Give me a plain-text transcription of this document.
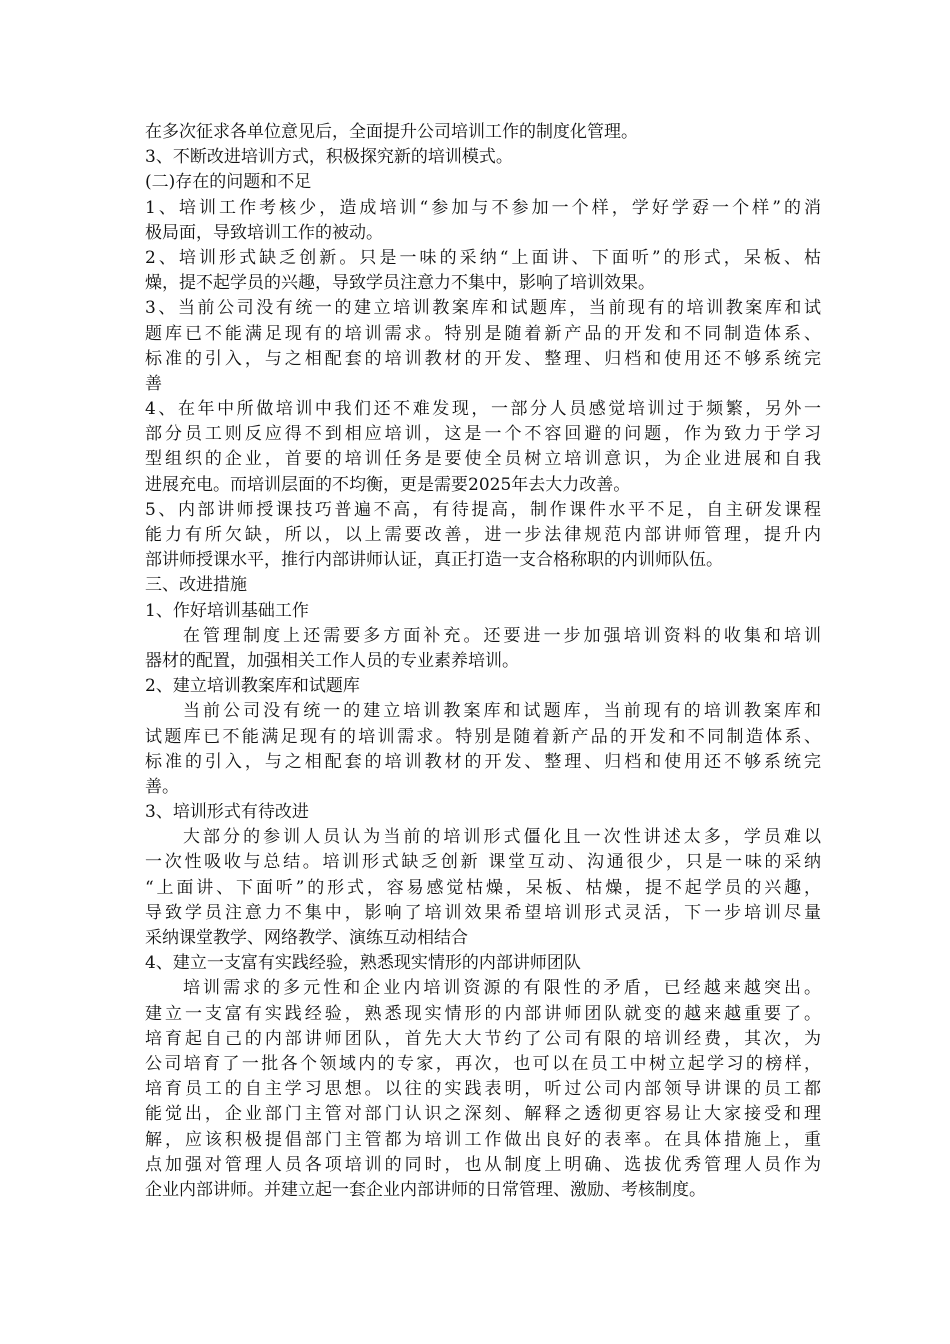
在多次征求各单位意见后，全面提升公司培训工作的制度化管理。
3、不断改进培训方式，积极探究新的培训模式。
(二)存在的问题和不足
1、培训工作考核少，造成培训“参加与不参加一个样，学好学孬一个样”的消
极局面，导致培训工作的被动。
2、培训形式缺乏创新。只是一味的采纳“上面讲、下面听”的形式，呆板、枯
燥，提不起学员的兴趣，导致学员注意力不集中，影响了培训效果。
3、当前公司没有统一的建立培训教案库和试题库，当前现有的培训教案库和试
题库已不能满足现有的培训需求。特别是随着新产品的开发和不同制造体系、
标准的引入，与之相配套的培训教材的开发、整理、归档和使用还不够系统完
善
4、在年中所做培训中我们还不难发现，一部分人员感觉培训过于频繁，另外一
部分员工则反应得不到相应培训，这是一个不容回避的问题，作为致力于学习
型组织的企业，首要的培训任务是要使全员树立培训意识，为企业进展和自我
进展充电。而培训层面的不均衡，更是需要2025年去大力改善。
5、内部讲师授课技巧普遍不高，有待提高，制作课件水平不足，自主研发课程
能力有所欠缺，所以，以上需要改善，进一步法律规范内部讲师管理，提升内
部讲师授课水平，推行内部讲师认证，真正打造一支合格称职的内训师队伍。
三、改进措施
1、作好培训基础工作
在管理制度上还需要多方面补充。还要进一步加强培训资料的收集和培训
器材的配置，加强相关工作人员的专业素养培训。
2、建立培训教案库和试题库
当前公司没有统一的建立培训教案库和试题库，当前现有的培训教案库和
试题库已不能满足现有的培训需求。特别是随着新产品的开发和不同制造体系、
标准的引入，与之相配套的培训教材的开发、整理、归档和使用还不够系统完
善。
3、培训形式有待改进
大部分的参训人员认为当前的培训形式僵化且一次性讲述太多，学员难以
一次性吸收与总结。培训形式缺乏创新 课堂互动、沟通很少，只是一味的采纳
“上面讲、下面听”的形式，容易感觉枯燥，呆板、枯燥，提不起学员的兴趣，
导致学员注意力不集中，影响了培训效果希望培训形式灵活，下一步培训尽量
采纳课堂教学、网络教学、演练互动相结合
4、建立一支富有实践经验，熟悉现实情形的内部讲师团队
培训需求的多元性和企业内培训资源的有限性的矛盾，已经越来越突出。
建立一支富有实践经验，熟悉现实情形的内部讲师团队就变的越来越重要了。
培育起自己的内部讲师团队，首先大大节约了公司有限的培训经费，其次，为
公司培育了一批各个领域内的专家，再次，也可以在员工中树立起学习的榜样，
培育员工的自主学习思想。以往的实践表明，听过公司内部领导讲课的员工都
能觉出，企业部门主管对部门认识之深刻、解释之透彻更容易让大家接受和理
解，应该积极提倡部门主管都为培训工作做出良好的表率。在具体措施上，重
点加强对管理人员各项培训的同时，也从制度上明确、选拔优秀管理人员作为
企业内部讲师。并建立起一套企业内部讲师的日常管理、激励、考核制度。
